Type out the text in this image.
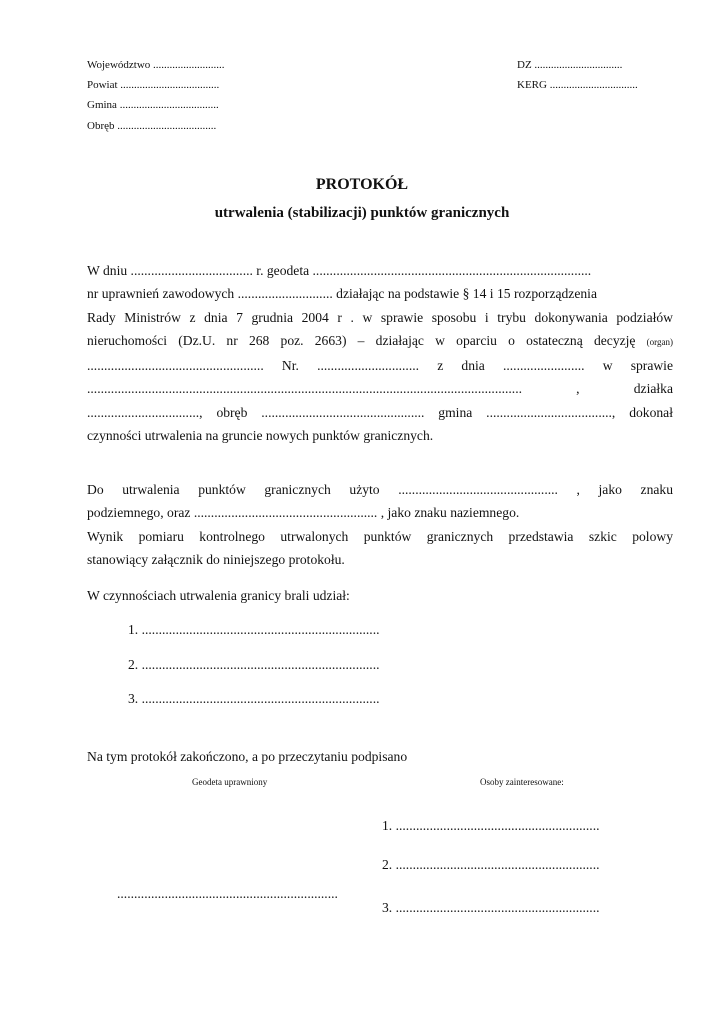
Województwo ..........................
Powiat ....................................
Gmina ....................................
Obręb ....................................
DZ ................................
KERG ................................
PROTOKÓŁ
utrwalenia (stabilizacji) punktów granicznych
W dniu .................................... r. geodeta ..................................................................................
nr uprawnień zawodowych ............................ działając na podstawie § 14 i 15 rozporządzenia
Rady Ministrów z dnia 7 grudnia 2004 r . w sprawie sposobu i trybu dokonywania podziałów
nieruchomości (Dz.U. nr 268 poz. 2663) – działając w oparciu o ostateczną decyzję (organ)
.................................................... Nr. .............................. z dnia ........................ w sprawie
................................................................................................................................ , działka
................................., obręb ................................................ gmina ....................................., dokonał
czynności utrwalenia na gruncie nowych punktów granicznych.
Do utrwalenia punktów granicznych użyto ............................................... , jako znaku
podziemnego, oraz ...................................................... , jako znaku naziemnego.
Wynik pomiaru kontrolnego utrwalonych punktów granicznych przedstawia szkic polowy
stanowiący załącznik do niniejszego protokołu.
W czynnościach utrwalenia granicy brali udział:
1. ......................................................................
2. ......................................................................
3. ......................................................................
Na tym protokół zakończono, a po przeczytaniu podpisano
Geodeta uprawniony	Osoby zainteresowane:
1. ............................................................
2. ............................................................
.................................................................
3. ............................................................
